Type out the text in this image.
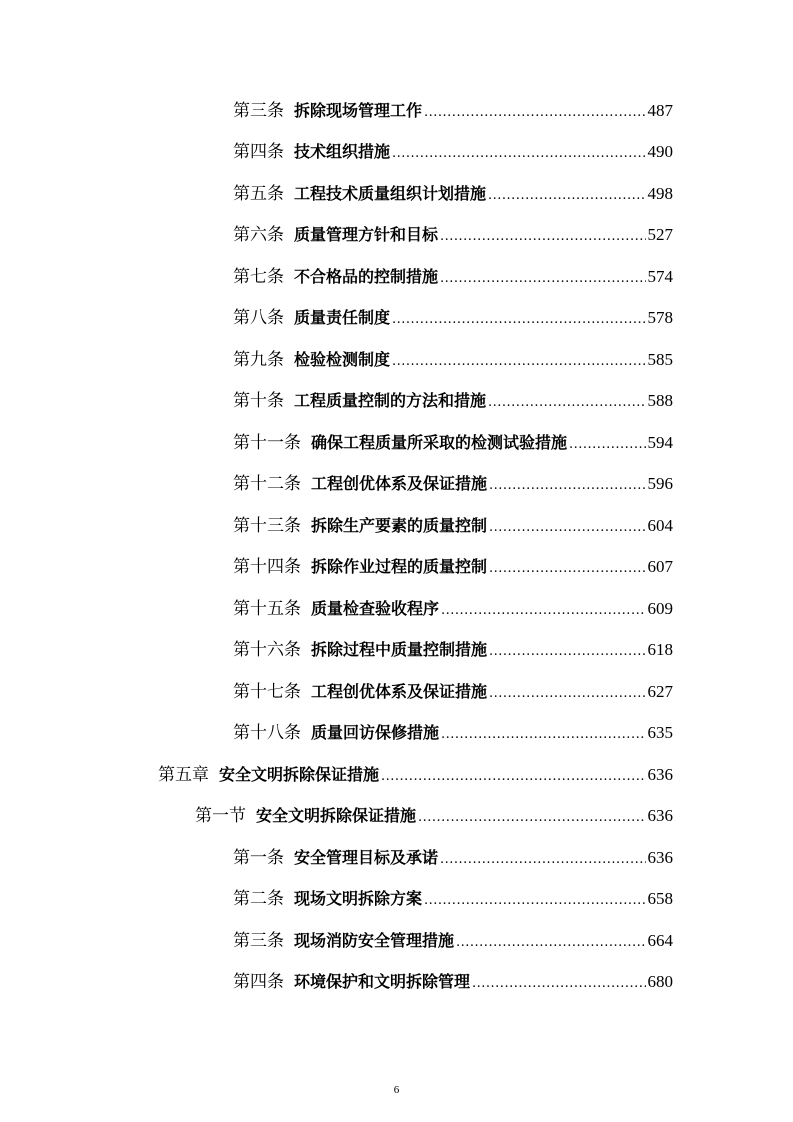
第三条 拆除现场管理工作 .....	487
第四条 技术组织措施 .....	490
第五条 工程技术质量组织计划措施 .....	498
第六条 质量管理方针和目标 .....	527
第七条 不合格品的控制措施 .....	574
第八条 质量责任制度 .....	578
第九条 检验检测制度 .....	585
第十条 工程质量控制的方法和措施 .....	588
第十一条 确保工程质量所采取的检测试验措施 .....	594
第十二条 工程创优体系及保证措施 .....	596
第十三条 拆除生产要素的质量控制 .....	604
第十四条 拆除作业过程的质量控制 .....	607
第十五条 质量检查验收程序 .....	609
第十六条 拆除过程中质量控制措施 .....	618
第十七条 工程创优体系及保证措施 .....	627
第十八条 质量回访保修措施 .....	635
第五章 安全文明拆除保证措施 .....	636
第一节 安全文明拆除保证措施 .....	636
第一条 安全管理目标及承诺 .....	636
第二条 现场文明拆除方案 .....	658
第三条 现场消防安全管理措施 .....	664
第四条 环境保护和文明拆除管理 .....	680
6
